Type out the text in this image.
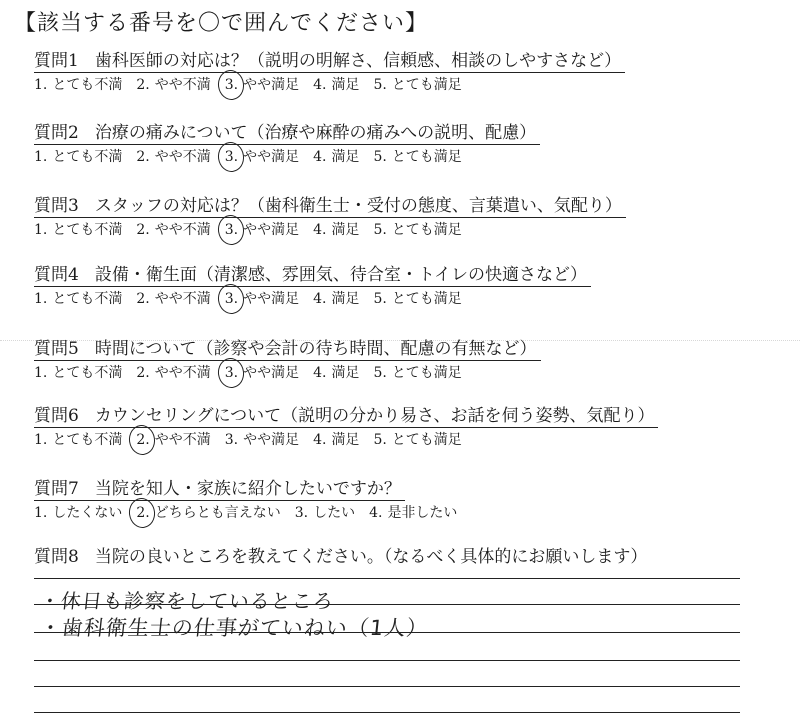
【該当する番号を〇で囲んでください】
質問1 歯科医師の対応は？（説明の明解さ、信頼感、相談のしやすさなど）
1. とても不満 2. やや不満 3. やや満足 4. 満足 5. とても満足
質問2 治療の痛みについて（治療や麻酔の痛みへの説明、配慮）
1. とても不満 2. やや不満 3. やや満足 4. 満足 5. とても満足
質問3 スタッフの対応は？（歯科衛生士・受付の態度、言葉遣い、気配り）
1. とても不満 2. やや不満 3. やや満足 4. 満足 5. とても満足
質問4 設備・衛生面（清潔感、雰囲気、待合室・トイレの快適さなど）
1. とても不満 2. やや不満 3. やや満足 4. 満足 5. とても満足
質問5 時間について（診察や会計の待ち時間、配慮の有無など）
1. とても不満 2. やや不満 3. やや満足 4. 満足 5. とても満足
質問6 カウンセリングについて（説明の分かり易さ、お話を伺う姿勢、気配り）
1. とても不満 2. やや不満 3. やや満足 4. 満足 5. とても満足
質問7 当院を知人・家族に紹介したいですか？
1. したくない 2. どちらとも言えない 3. したい 4. 是非したい
質問8 当院の良いところを教えてください。（なるべく具体的にお願いします）
・休日も診察をしているところ
・歯科衛生士の仕事がていねい（1人）
